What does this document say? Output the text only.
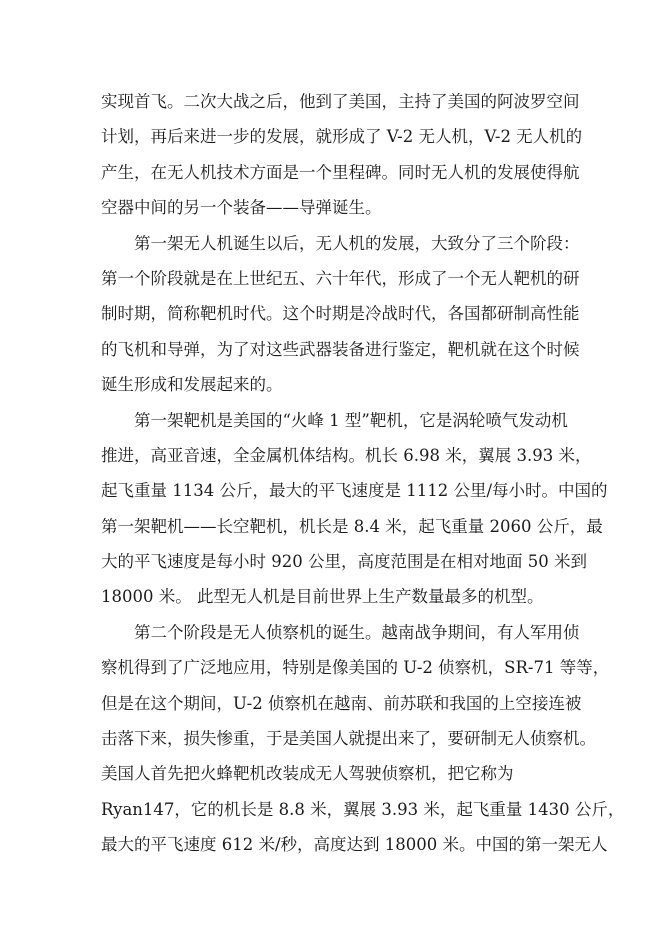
实现首飞。二次大战之后，他到了美国，主持了美国的阿波罗空间
计划，再后来进一步的发展，就形成了 V-2 无人机，V-2 无人机的
产生，在无人机技术方面是一个里程碑。同时无人机的发展使得航
空器中间的另一个装备——导弹诞生。
　　第一架无人机诞生以后，无人机的发展，大致分了三个阶段：
第一个阶段就是在上世纪五、六十年代，形成了一个无人靶机的研
制时期，简称靶机时代。这个时期是冷战时代，各国都研制高性能
的飞机和导弹，为了对这些武器装备进行鉴定，靶机就在这个时候
诞生形成和发展起来的。
　　第一架靶机是美国的“火峰 1 型”靶机，它是涡轮喷气发动机
推进，高亚音速，全金属机体结构。机长 6.98 米，翼展 3.93 米，
起飞重量 1134 公斤，最大的平飞速度是 1112 公里/每小时。中国的
第一架靶机——长空靶机，机长是 8.4 米，起飞重量 2060 公斤，最
大的平飞速度是每小时 920 公里，高度范围是在相对地面 50 米到
18000 米。 此型无人机是目前世界上生产数量最多的机型。
　　第二个阶段是无人侦察机的诞生。越南战争期间，有人军用侦
察机得到了广泛地应用，特别是像美国的 U-2 侦察机，SR-71 等等，
但是在这个期间，U-2 侦察机在越南、前苏联和我国的上空接连被
击落下来，损失惨重，于是美国人就提出来了，要研制无人侦察机。
美国人首先把火蜂靶机改装成无人驾驶侦察机，把它称为
Ryan147，它的机长是 8.8 米，翼展 3.93 米，起飞重量 1430 公斤，
最大的平飞速度 612 米/秒，高度达到 18000 米。中国的第一架无人
